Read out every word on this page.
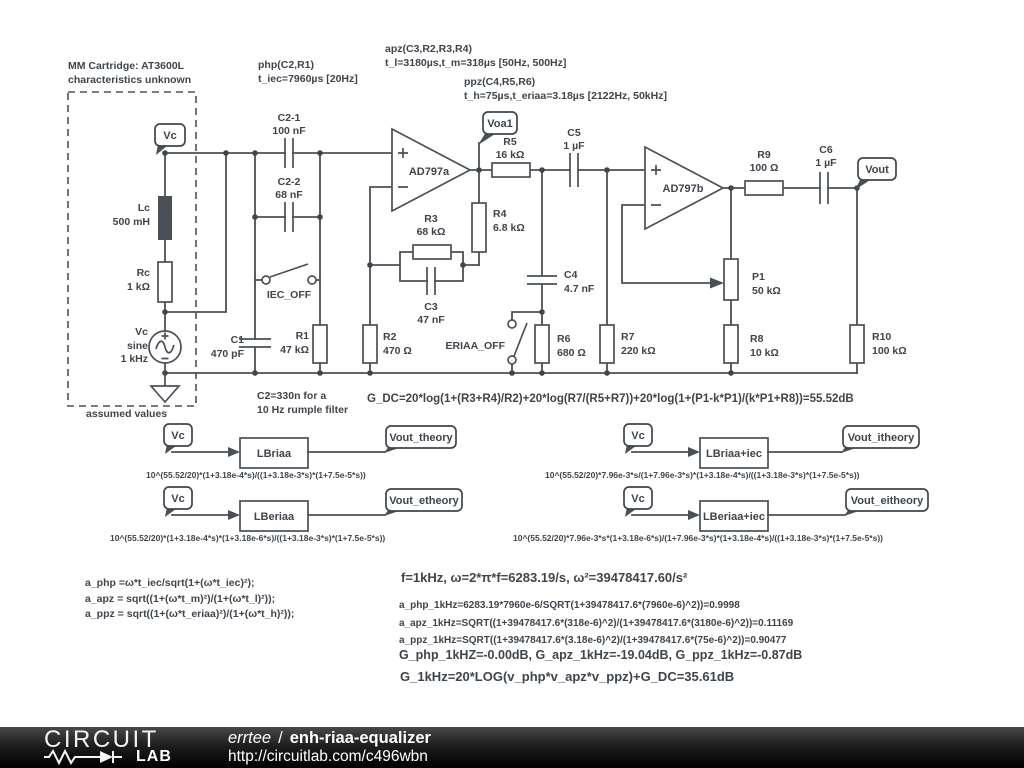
Lc
500 mH
Rc
1 kΩ
Vc
sine
1 kHz
Vc
Voa1
Vout
C2-1
100 nF
C2-2
68 nF
IEC_OFF
C1
470 pF
R1
47 kΩ
R2
470 Ω
AD797a
R3
68 kΩ
C3
47 nF
R4
6.8 kΩ
R5
16 kΩ
C4
4.7 nF
ERIAA_OFF
R6
680 Ω
C5
1 µF
R7
220 kΩ
AD797b
P1
50 kΩ
R8
10 kΩ
R9
100 Ω
C6
1 µF
R10
100 kΩ
MM Cartridge: AT3600L
characteristics unknown
assumed values
php(C2,R1)
t_iec=7960µs [20Hz]
apz(C3,R2,R3,R4)
t_l=3180µs,t_m=318µs [50Hz, 500Hz]
ppz(C4,R5,R6)
t_h=75µs,t_eriaa=3.18µs [2122Hz, 50kHz]
C2=330n for a
10 Hz rumple filter
G_DC=20*log(1+(R3+R4)/R2)+20*log(R7/(R5+R7))+20*log(1+(P1-k*P1)/(k*P1+R8))=55.52dB
Vc
LBriaa
Vout_theory
10^(55.52/20)*(1+3.18e-4*s)/((1+3.18e-3*s)*(1+7.5e-5*s))
Vc
LBeriaa
Vout_etheory
10^(55.52/20)*(1+3.18e-4*s)*(1+3.18e-6*s)/((1+3.18e-3*s)*(1+7.5e-5*s))
Vc
LBriaa+iec
Vout_itheory
10^(55.52/20)*7.96e-3*s/(1+7.96e-3*s)*(1+3.18e-4*s)/((1+3.18e-3*s)*(1+7.5e-5*s))
Vc
LBeriaa+iec
Vout_eitheory
10^(55.52/20)*7.96e-3*s*(1+3.18e-6*s)/(1+7.96e-3*s)*(1+3.18e-4*s)/((1+3.18e-3*s)*(1+7.5e-5*s))
a_php =ω*t_iec/sqrt(1+(ω*t_iec)²);
a_apz = sqrt((1+(ω*t_m)²)/(1+(ω*t_l)²));
a_ppz = sqrt((1+(ω*t_eriaa)²)/(1+(ω*t_h)²));
f=1kHz, ω=2*π*f=6283.19/s, ω²=39478417.60/s²
a_php_1kHz=6283.19*7960e-6/SQRT(1+39478417.6*(7960e-6)^2))=0.9998
a_apz_1kHz=SQRT((1+39478417.6*(318e-6)^2)/(1+39478417.6*(3180e-6)^2))=0.11169
a_ppz_1kHz=SQRT((1+39478417.6*(3.18e-6)^2)/(1+39478417.6*(75e-6)^2))=0.90477
G_php_1kHZ=-0.00dB, G_apz_1kHz=-19.04dB, G_ppz_1kHz=-0.87dB
G_1kHz=20*LOG(v_php*v_apz*v_ppz)+G_DC=35.61dB
CIRCUIT
LAB
errtee / enh-riaa-equalizer
http://circuitlab.com/c496wbn
